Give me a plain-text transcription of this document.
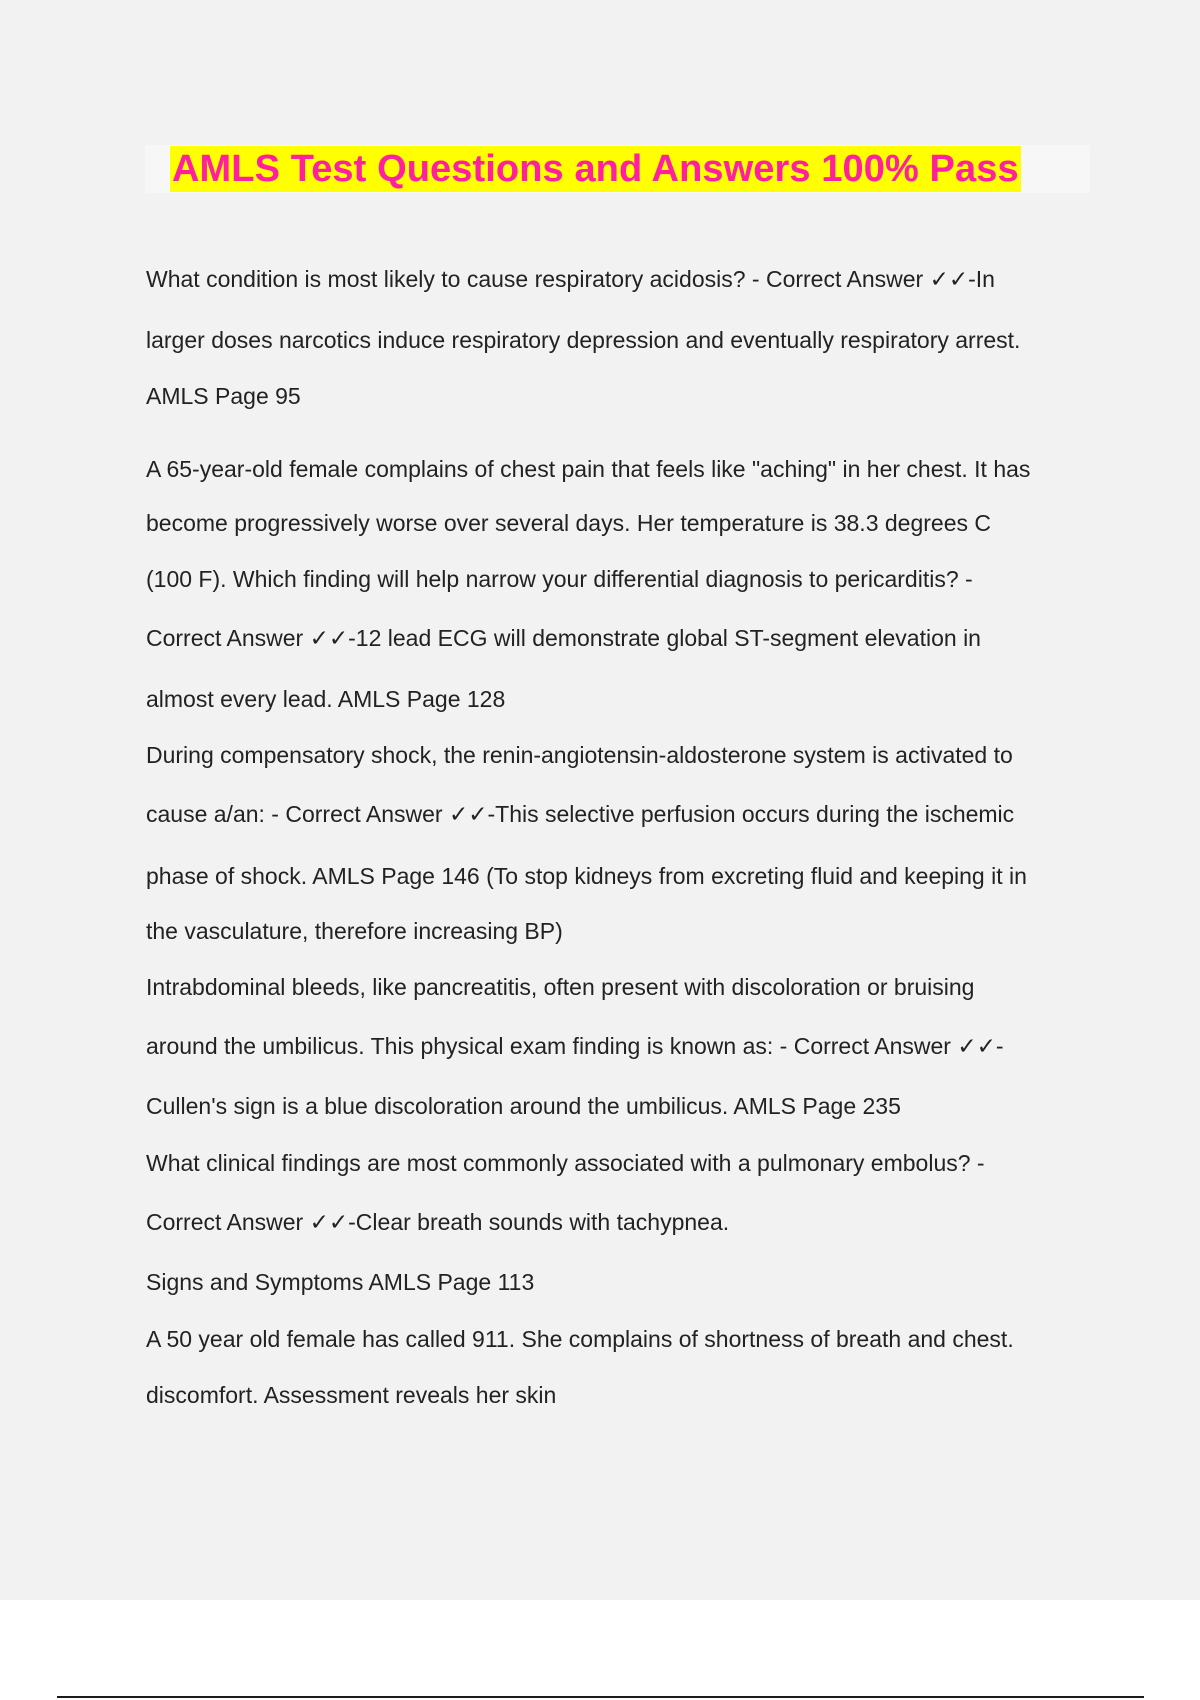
AMLS Test Questions and Answers 100% Pass
What condition is most likely to cause respiratory acidosis? - Correct Answer ✓✓-In
larger doses narcotics induce respiratory depression and eventually respiratory arrest.
AMLS Page 95
A 65-year-old female complains of chest pain that feels like "aching" in her chest. It has
become progressively worse over several days. Her temperature is 38.3 degrees C
(100 F). Which finding will help narrow your differential diagnosis to pericarditis? -
Correct Answer ✓✓-12 lead ECG will demonstrate global ST-segment elevation in
almost every lead. AMLS Page 128
During compensatory shock, the renin-angiotensin-aldosterone system is activated to
cause a/an: - Correct Answer ✓✓-This selective perfusion occurs during the ischemic
phase of shock. AMLS Page 146 (To stop kidneys from excreting fluid and keeping it in
the vasculature, therefore increasing BP)
Intrabdominal bleeds, like pancreatitis, often present with discoloration or bruising
around the umbilicus. This physical exam finding is known as: - Correct Answer ✓✓-
Cullen's sign is a blue discoloration around the umbilicus. AMLS Page 235
What clinical findings are most commonly associated with a pulmonary embolus? -
Correct Answer ✓✓-Clear breath sounds with tachypnea.
Signs and Symptoms AMLS Page 113
A 50 year old female has called 911. She complains of shortness of breath and chest.
discomfort. Assessment reveals her skin
